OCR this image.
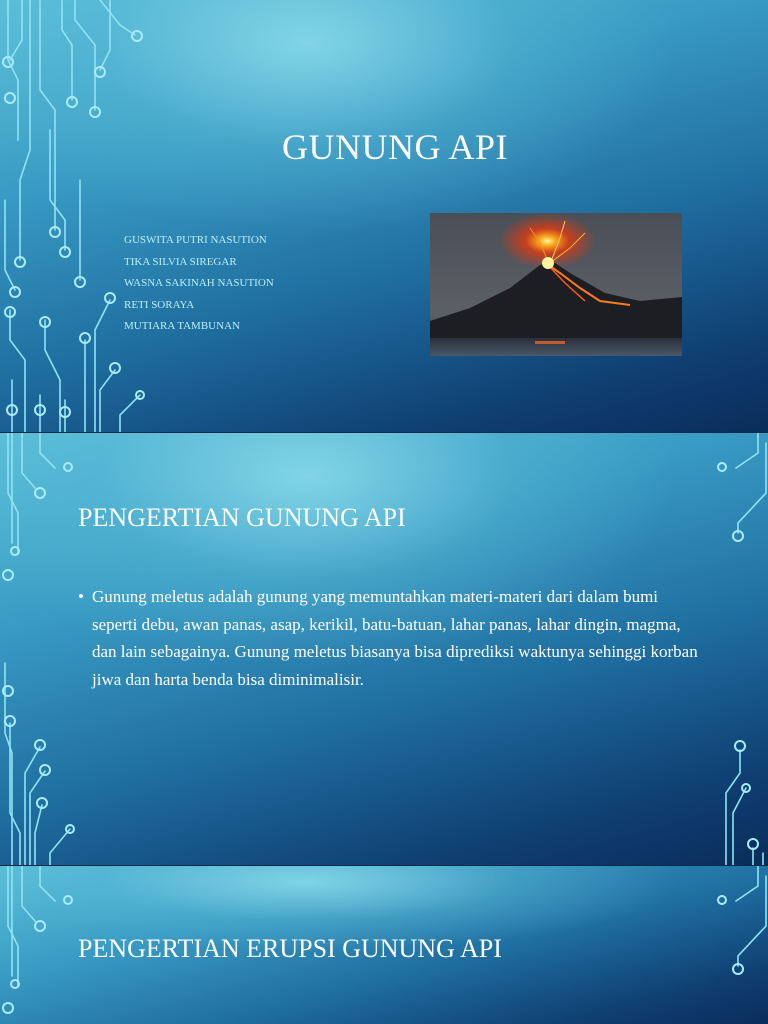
GUNUNG API
GUSWITA PUTRI NASUTION
TIKA SILVIA SIREGAR
WASNA SAKINAH NASUTION
RETI SORAYA
MUTIARA TAMBUNAN
PENGERTIAN GUNUNG API
• Gunung meletus adalah gunung yang memuntahkan materi-materi dari dalam bumi seperti debu, awan panas, asap, kerikil, batu-batuan, lahar panas, lahar dingin, magma, dan lain sebagainya. Gunung meletus biasanya bisa diprediksi waktunya sehinggi korban jiwa dan harta benda bisa diminimalisir.
PENGERTIAN ERUPSI GUNUNG API
